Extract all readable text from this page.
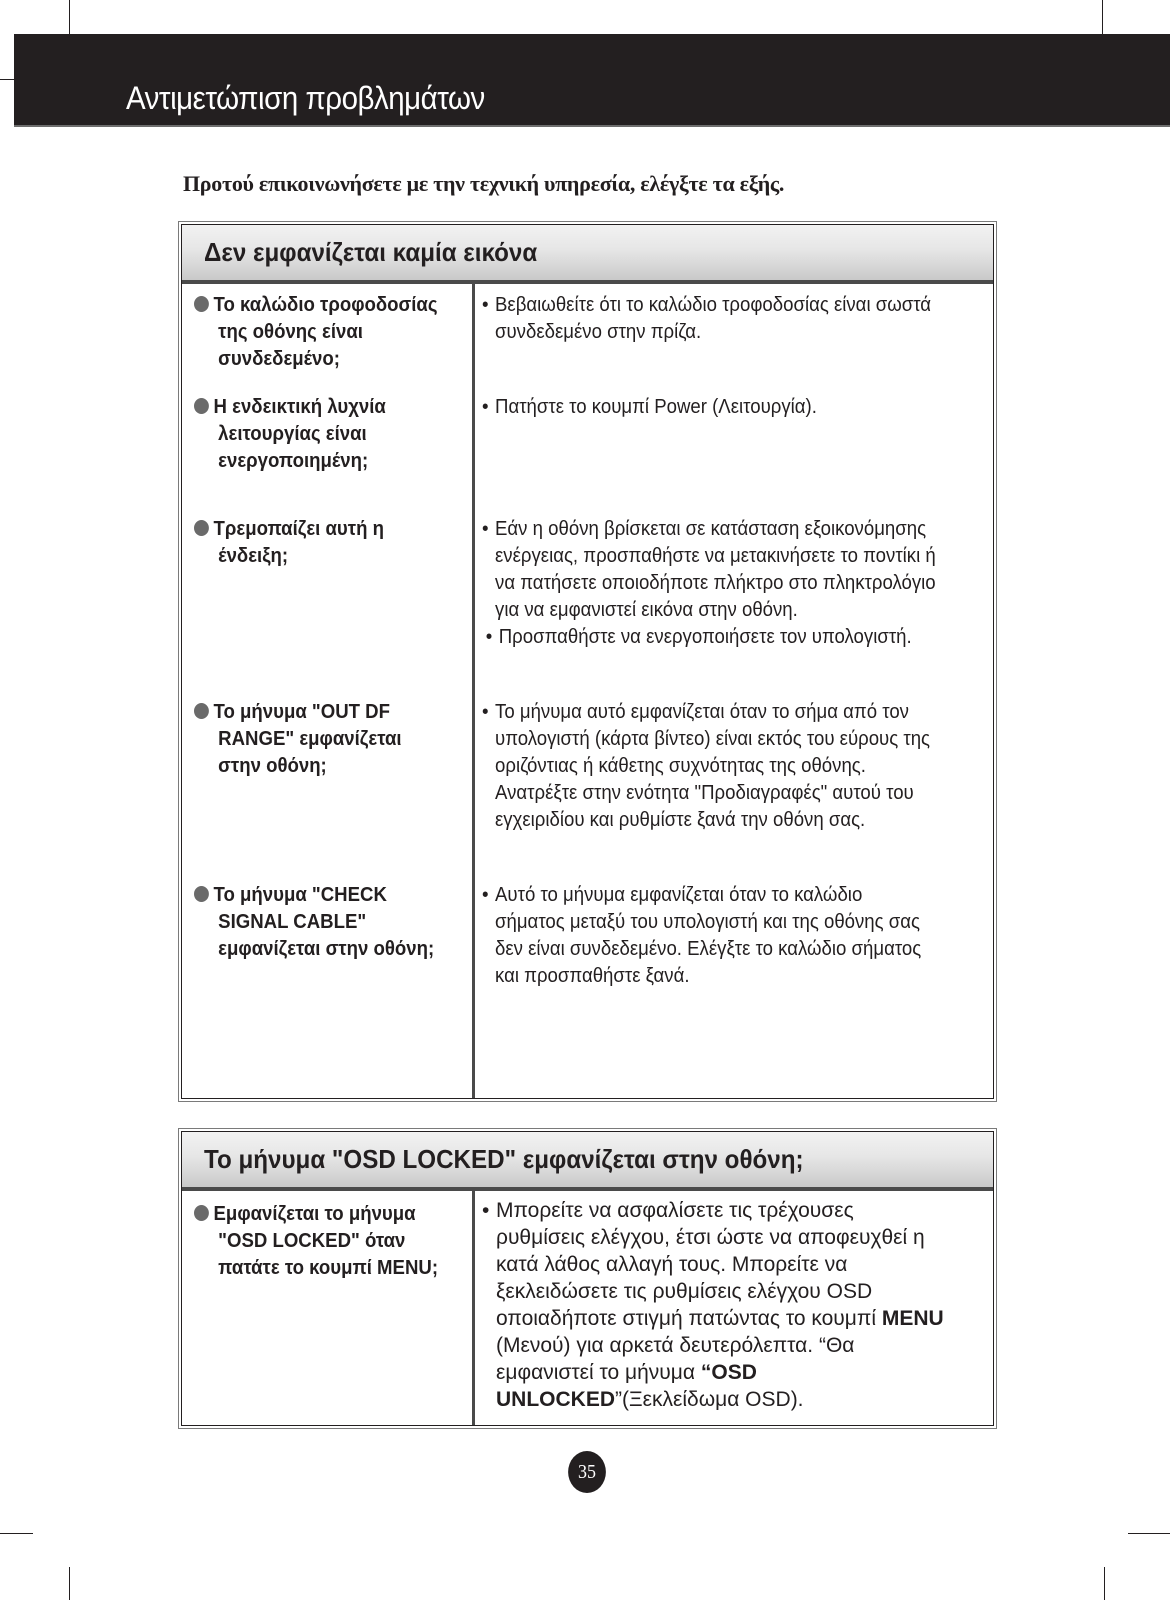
Αντιμετώπιση προβλημάτων
Προτού επικοινωνήσετε με την τεχνική υπηρεσία, ελέγξτε τα εξής.
Δεν εμφανίζεται καμία εικόνα
Το καλώδιο τροφοδοσίας
της οθόνης είναι
συνδεδεμένο;
• Βεβαιωθείτε ότι το καλώδιο τροφοδοσίας είναι σωστά
συνδεδεμένο στην πρίζα.
Η ενδεικτική λυχνία
λειτουργίας είναι
ενεργοποιημένη;
• Πατήστε το κουμπί Power (Λειτουργία).
Τρεμοπαίζει αυτή η
ένδειξη;
• Εάν η οθόνη βρίσκεται σε κατάσταση εξοικονόμησης
ενέργειας, προσπαθήστε να μετακινήσετε το ποντίκι ή
να πατήσετε οποιοδήποτε πλήκτρο στο πληκτρολόγιο
για να εμφανιστεί εικόνα στην οθόνη.
• Προσπαθήστε να ενεργοποιήσετε τον υπολογιστή.
Το μήνυμα "OUT DF
RANGE" εμφανίζεται
στην οθόνη;
• Το μήνυμα αυτό εμφανίζεται όταν το σήμα από τον
υπολογιστή (κάρτα βίντεο) είναι εκτός του εύρους της
οριζόντιας ή κάθετης συχνότητας της οθόνης.
Ανατρέξτε στην ενότητα "Προδιαγραφές" αυτού του
εγχειριδίου και ρυθμίστε ξανά την οθόνη σας.
Το μήνυμα "CHECK
SIGNAL CABLE"
εμφανίζεται στην οθόνη;
• Αυτό το μήνυμα εμφανίζεται όταν το καλώδιο
σήματος μεταξύ του υπολογιστή και της οθόνης σας
δεν είναι συνδεδεμένο. Ελέγξτε το καλώδιο σήματος
και προσπαθήστε ξανά.
Το μήνυμα "OSD LOCKED" εμφανίζεται στην οθόνη;
Εμφανίζεται το μήνυμα
"OSD LOCKED" όταν
πατάτε το κουμπί MENU;
• Μπορείτε να ασφαλίσετε τις τρέχουσες
ρυθμίσεις ελέγχου, έτσι ώστε να αποφευχθεί η
κατά λάθος αλλαγή τους. Μπορείτε να
ξεκλειδώσετε τις ρυθμίσεις ελέγχου OSD
οποιαδήποτε στιγμή πατώντας το κουμπί MENU
(Μενού) για αρκετά δευτερόλεπτα. “Θα
εμφανιστεί το μήνυμα “OSD
UNLOCKED”(Ξεκλείδωμα OSD).
35
